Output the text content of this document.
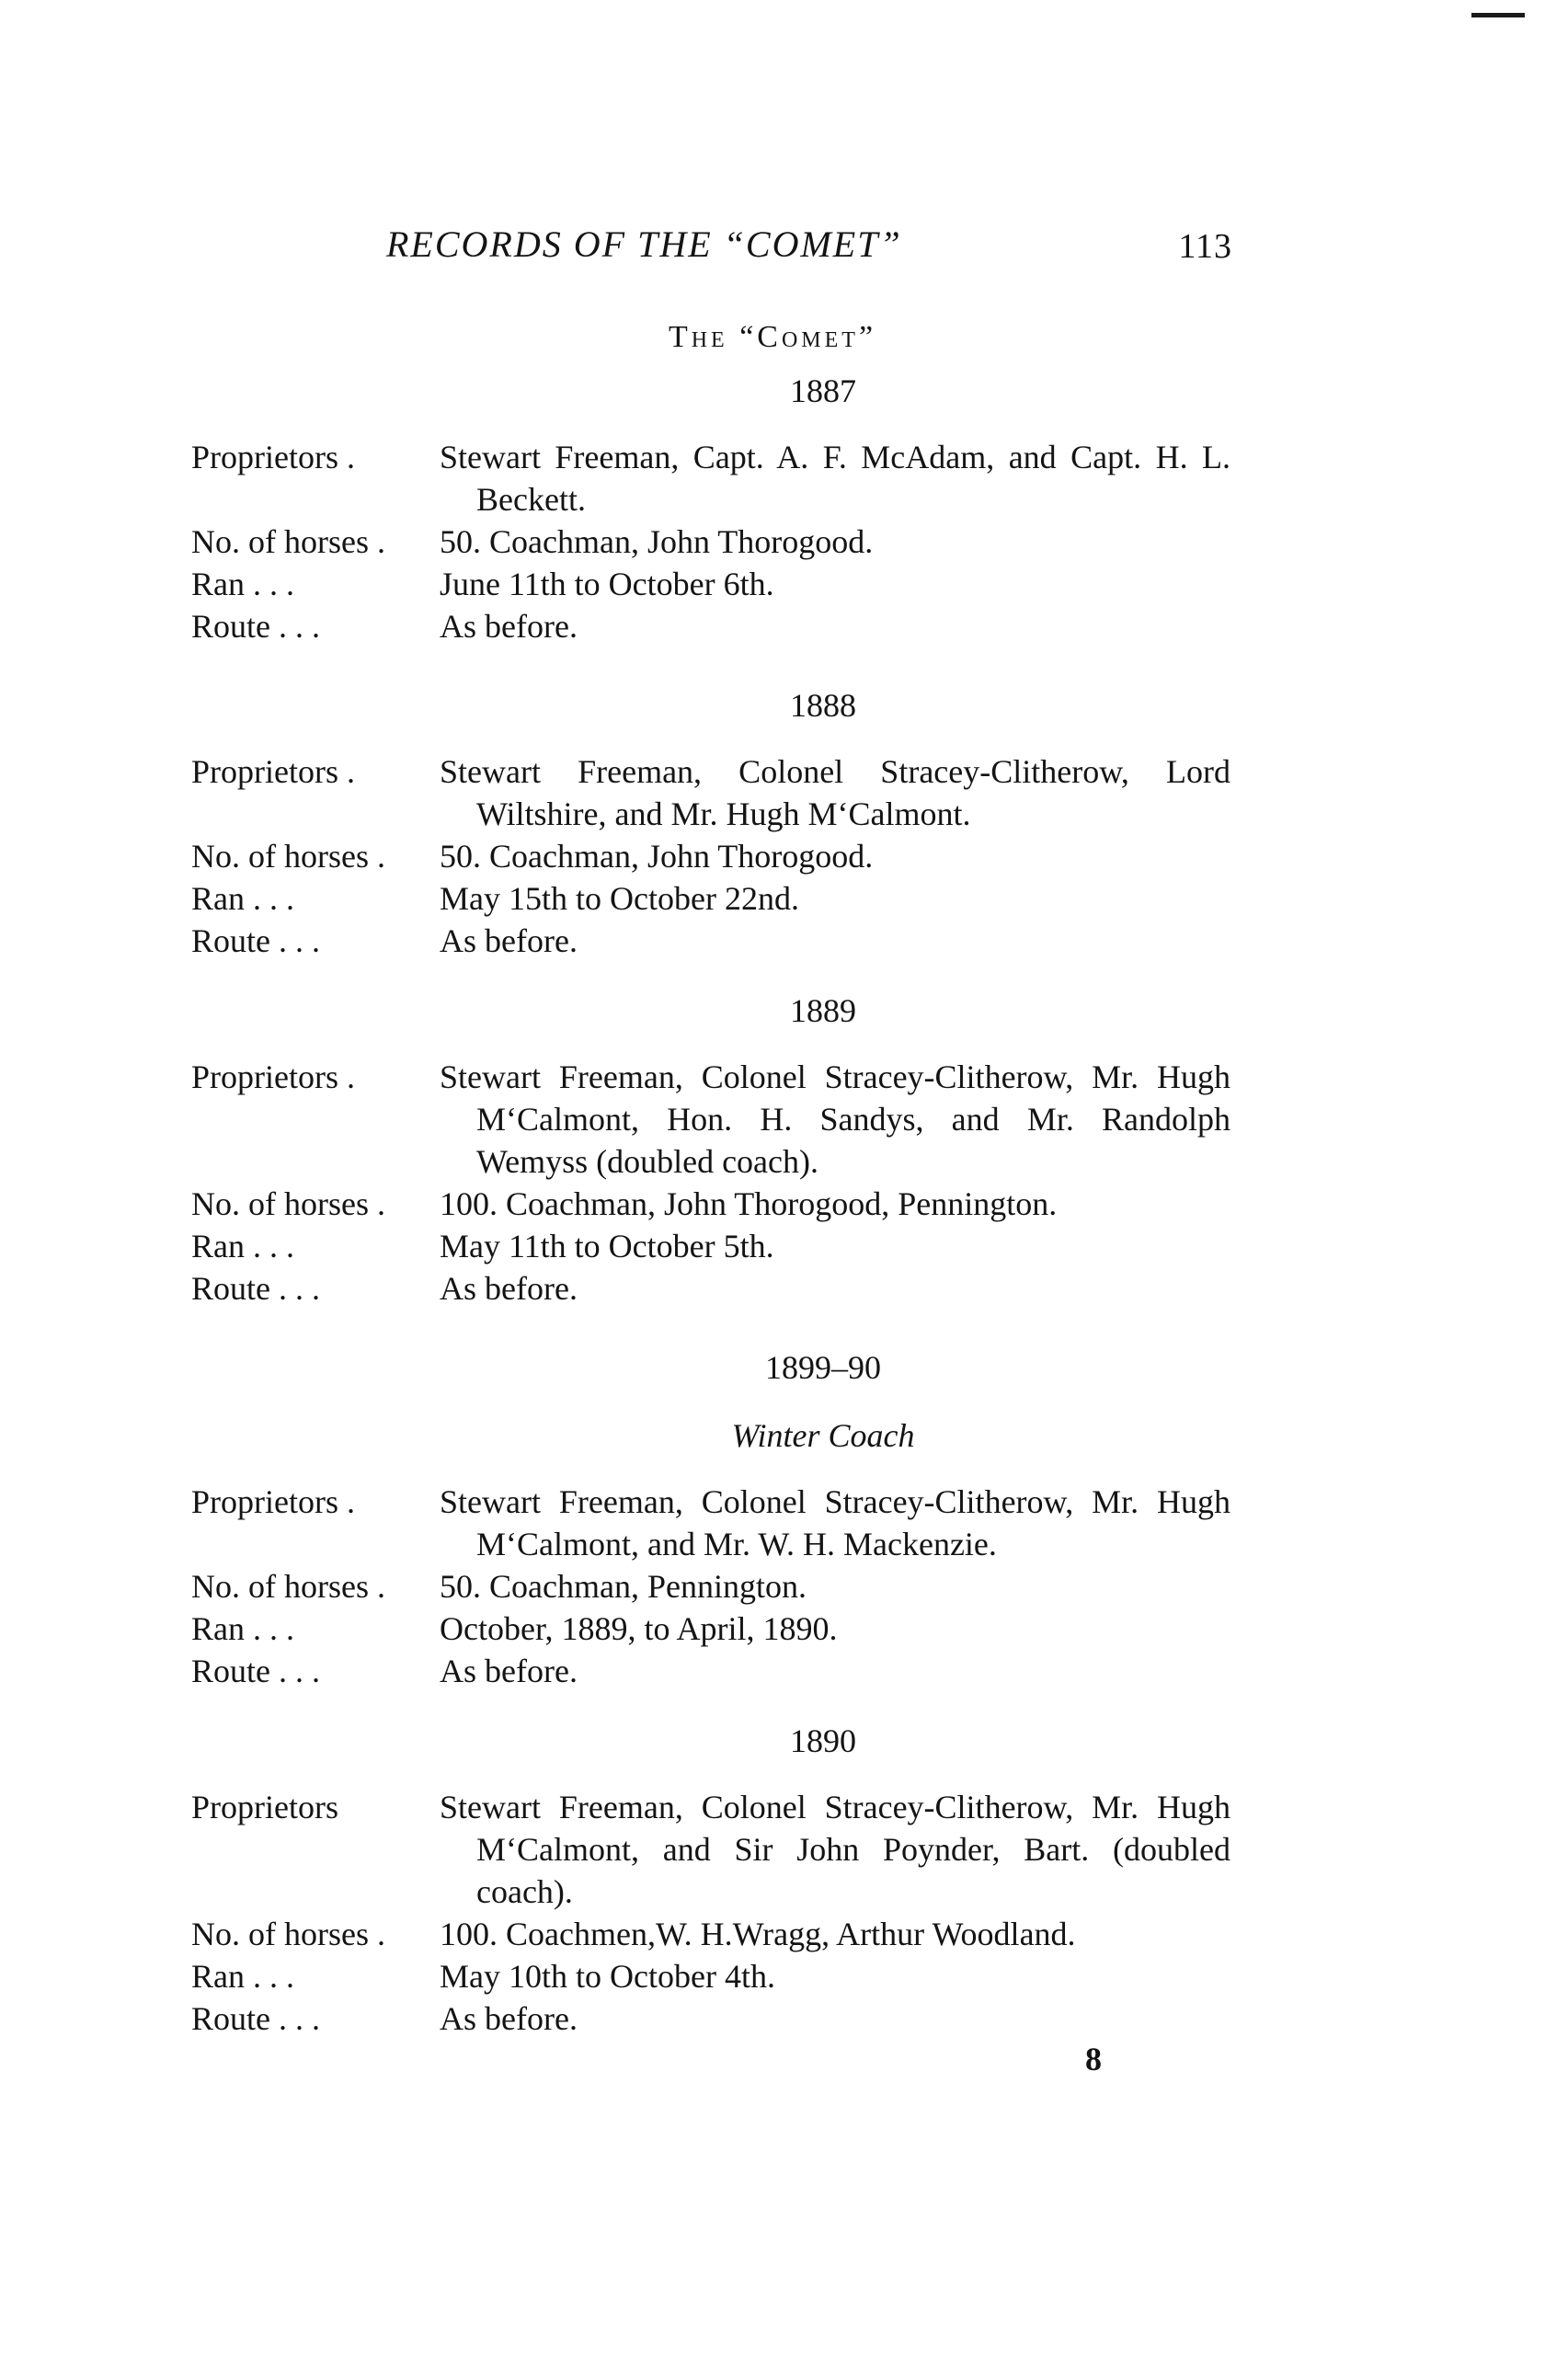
RECORDS OF THE “COMET”	113
The “Comet”
1887
Proprietors .	Stewart Freeman, Capt. A. F. McAdam, and Capt. H. L. Beckett.
No. of horses .	50. Coachman, John Thorogood.
Ran . . .	June 11th to October 6th.
Route . . .	As before.
1888
Proprietors .	Stewart Freeman, Colonel Stracey-Clitherow, Lord Wiltshire, and Mr. Hugh M‘Calmont.
No. of horses .	50. Coachman, John Thorogood.
Ran . . .	May 15th to October 22nd.
Route . . .	As before.
1889
Proprietors .	Stewart Freeman, Colonel Stracey-Clitherow, Mr. Hugh M‘Calmont, Hon. H. Sandys, and Mr. Randolph Wemyss (doubled coach).
No. of horses .	100. Coachman, John Thorogood, Pennington.
Ran . . .	May 11th to October 5th.
Route . . .	As before.
1899–90
Winter Coach
Proprietors .	Stewart Freeman, Colonel Stracey-Clitherow, Mr. Hugh M‘Calmont, and Mr. W. H. Mackenzie.
No. of horses .	50. Coachman, Pennington.
Ran . . .	October, 1889, to April, 1890.
Route . . .	As before.
1890
Proprietors	Stewart Freeman, Colonel Stracey-Clitherow, Mr. Hugh M‘Calmont, and Sir John Poynder, Bart. (doubled coach).
No. of horses .	100. Coachmen,W. H.Wragg, Arthur Woodland.
Ran . . .	May 10th to October 4th.
Route . . .	As before.
8
